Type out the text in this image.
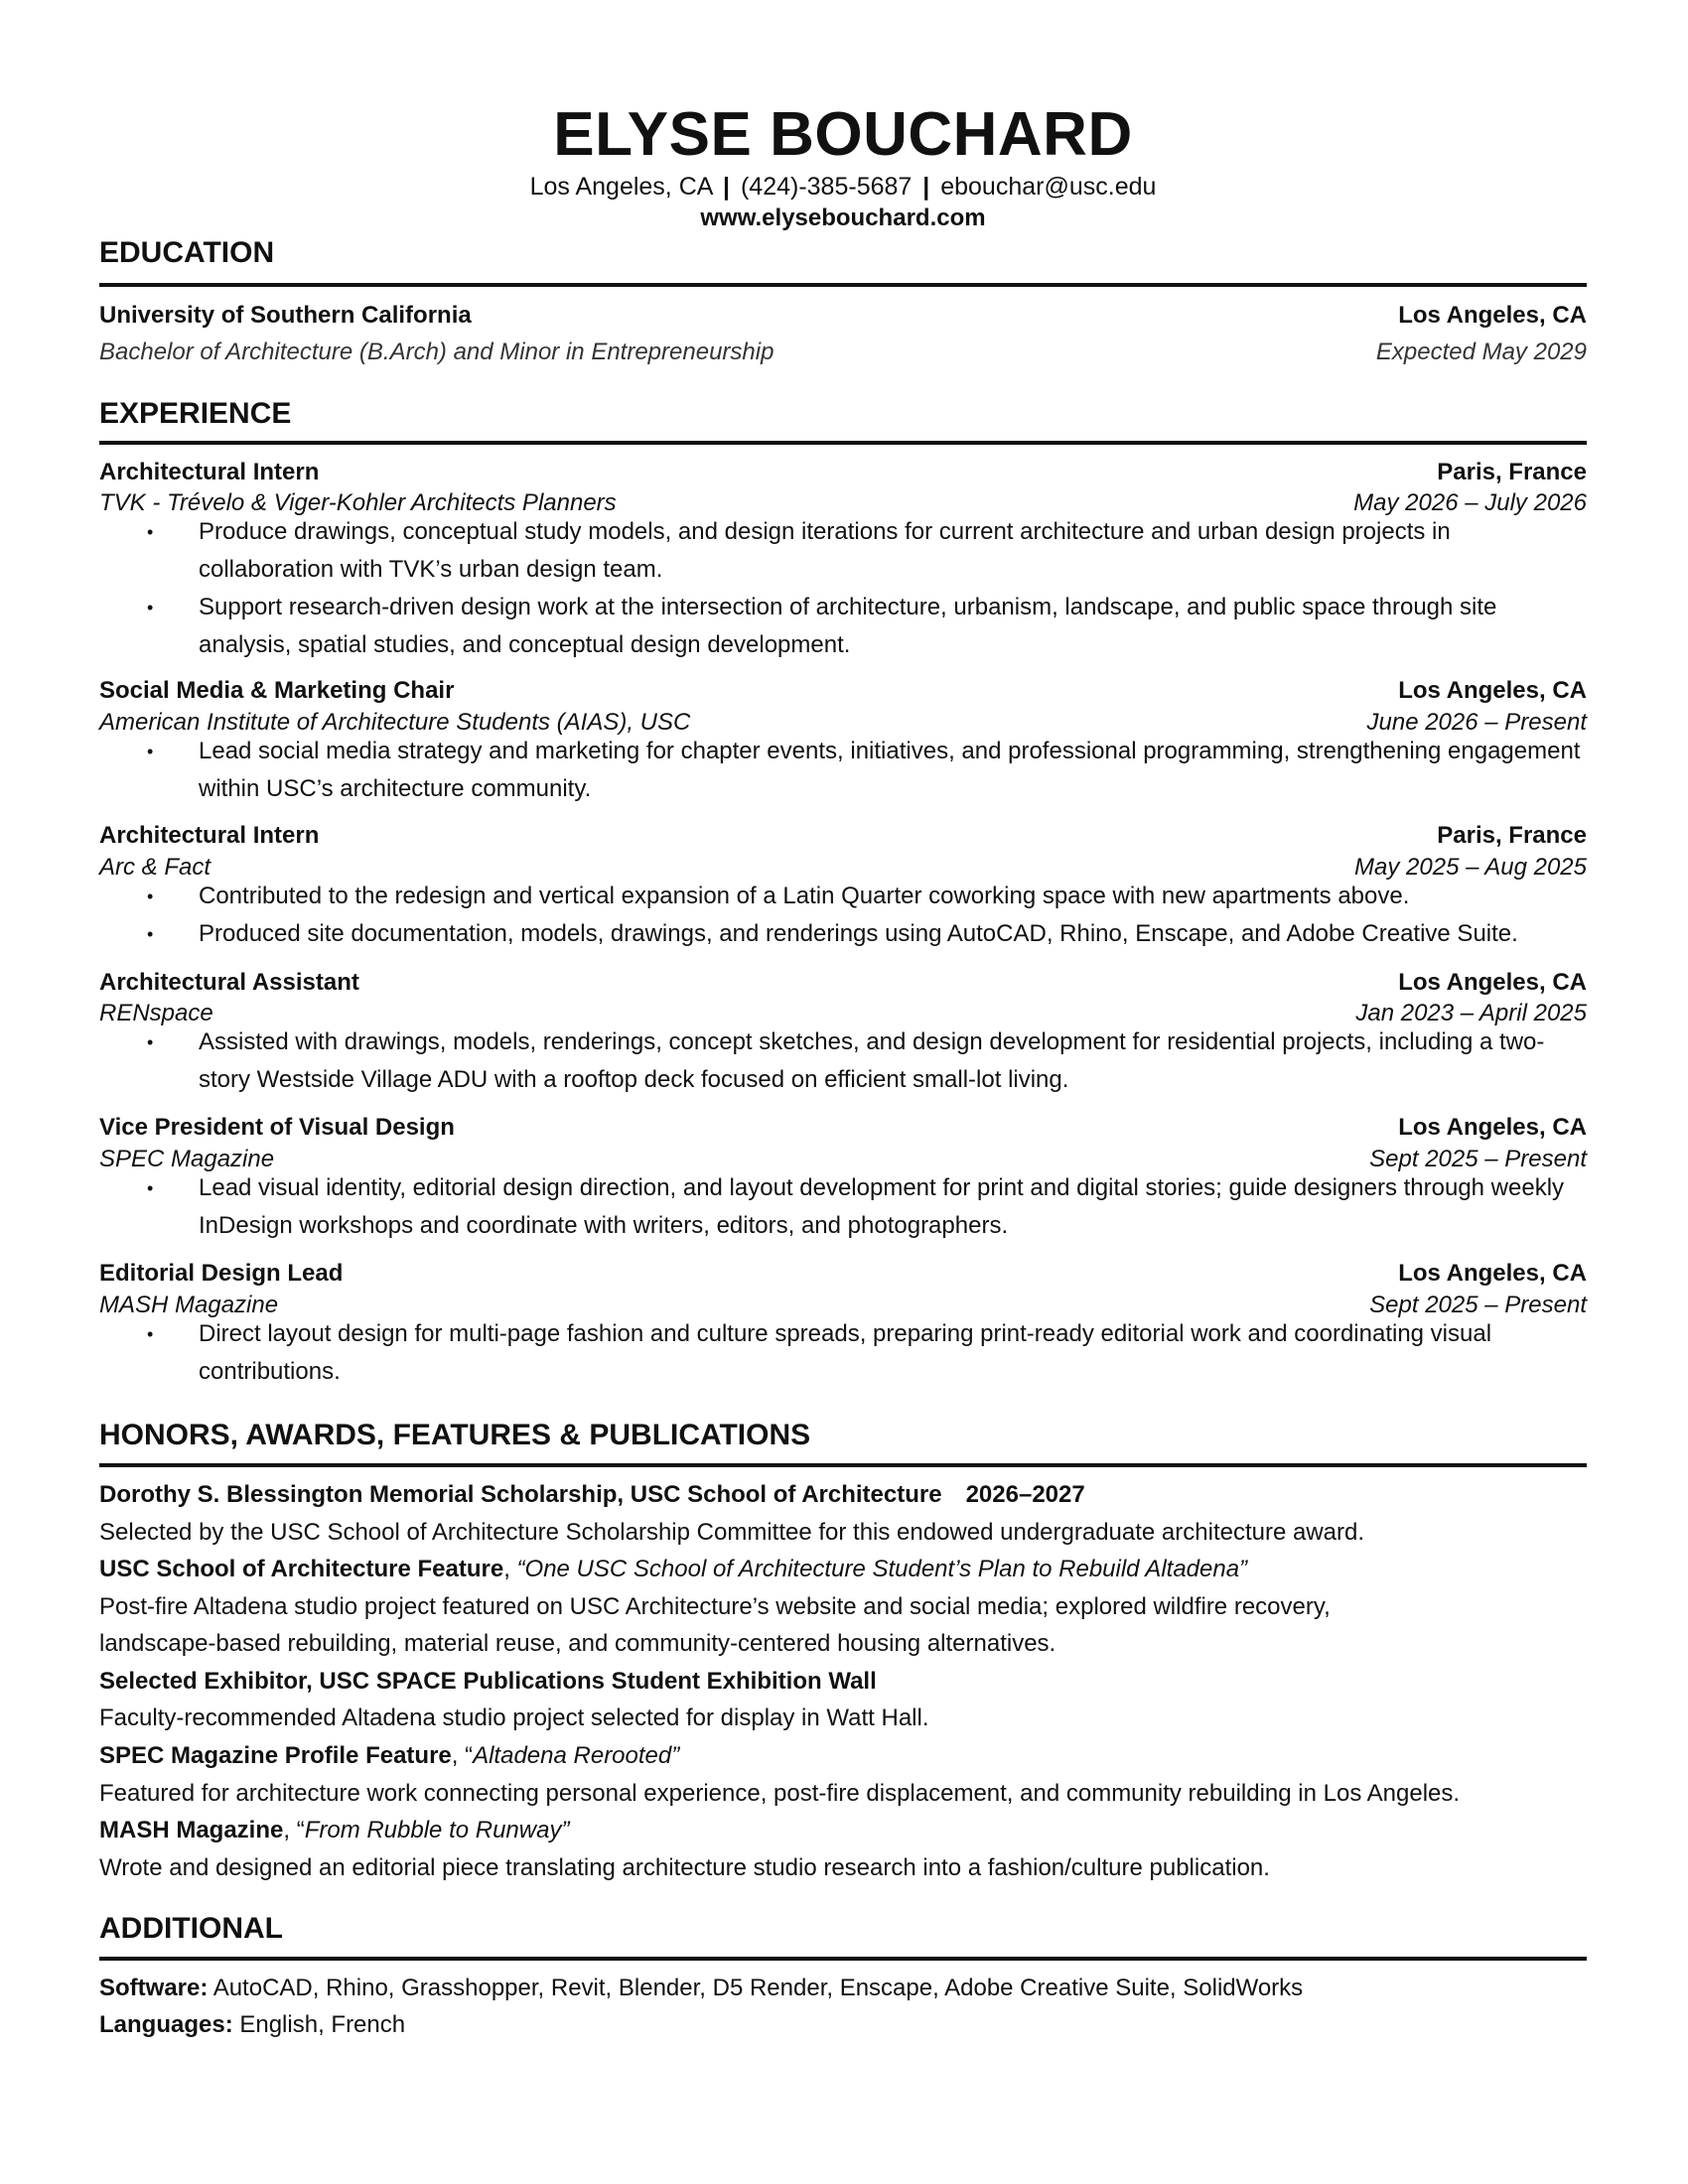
ELYSE BOUCHARD
Los Angeles, CA | (424)-385-5687 | ebouchar@usc.edu
www.elysebouchard.com
EDUCATION
University of Southern California	Los Angeles, CA
Bachelor of Architecture (B.Arch) and Minor in Entrepreneurship	Expected May 2029
EXPERIENCE
Architectural Intern	Paris, France
TVK - Trévelo & Viger-Kohler Architects Planners	May 2026 – July 2026
• Produce drawings, conceptual study models, and design iterations for current architecture and urban design projects in collaboration with TVK’s urban design team.
• Support research-driven design work at the intersection of architecture, urbanism, landscape, and public space through site analysis, spatial studies, and conceptual design development.
Social Media & Marketing Chair	Los Angeles, CA
American Institute of Architecture Students (AIAS), USC	June 2026 – Present
• Lead social media strategy and marketing for chapter events, initiatives, and professional programming, strengthening engagement within USC’s architecture community.
Architectural Intern	Paris, France
Arc & Fact	May 2025 – Aug 2025
• Contributed to the redesign and vertical expansion of a Latin Quarter coworking space with new apartments above.
• Produced site documentation, models, drawings, and renderings using AutoCAD, Rhino, Enscape, and Adobe Creative Suite.
Architectural Assistant	Los Angeles, CA
RENspace	Jan 2023 – April 2025
• Assisted with drawings, models, renderings, concept sketches, and design development for residential projects, including a two-story Westside Village ADU with a rooftop deck focused on efficient small-lot living.
Vice President of Visual Design	Los Angeles, CA
SPEC Magazine	Sept 2025 – Present
• Lead visual identity, editorial design direction, and layout development for print and digital stories; guide designers through weekly InDesign workshops and coordinate with writers, editors, and photographers.
Editorial Design Lead	Los Angeles, CA
MASH Magazine	Sept 2025 – Present
• Direct layout design for multi-page fashion and culture spreads, preparing print-ready editorial work and coordinating visual contributions.
HONORS, AWARDS, FEATURES & PUBLICATIONS
Dorothy S. Blessington Memorial Scholarship, USC School of Architecture 2026–2027
Selected by the USC School of Architecture Scholarship Committee for this endowed undergraduate architecture award.
USC School of Architecture Feature, “One USC School of Architecture Student’s Plan to Rebuild Altadena”
Post-fire Altadena studio project featured on USC Architecture’s website and social media; explored wildfire recovery,
landscape-based rebuilding, material reuse, and community-centered housing alternatives.
Selected Exhibitor, USC SPACE Publications Student Exhibition Wall
Faculty-recommended Altadena studio project selected for display in Watt Hall.
SPEC Magazine Profile Feature, “Altadena Rerooted”
Featured for architecture work connecting personal experience, post-fire displacement, and community rebuilding in Los Angeles.
MASH Magazine, “From Rubble to Runway”
Wrote and designed an editorial piece translating architecture studio research into a fashion/culture publication.
ADDITIONAL
Software: AutoCAD, Rhino, Grasshopper, Revit, Blender, D5 Render, Enscape, Adobe Creative Suite, SolidWorks
Languages: English, French
